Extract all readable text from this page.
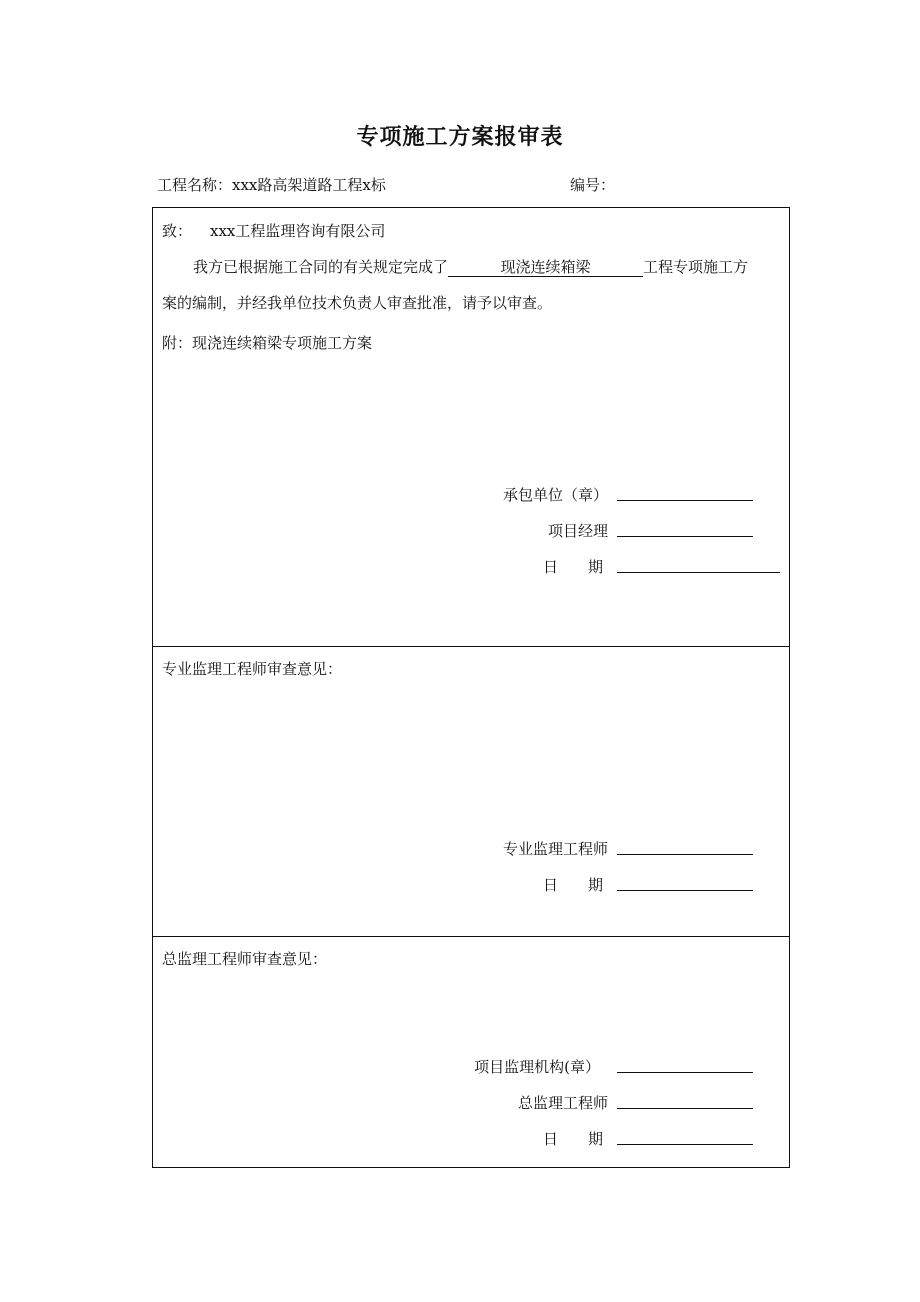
专项施工方案报审表
工程名称：xxx路高架道路工程x标	编号：
致： xxx工程监理咨询有限公司
我方已根据施工合同的有关规定完成了	现浇连续箱梁	工程专项施工方
案的编制，并经我单位技术负责人审查批准，请予以审查。
附：现浇连续箱梁专项施工方案
承包单位（章）
项目经理
日　　期
专业监理工程师审查意见：
专业监理工程师
日　　期
总监理工程师审查意见：
项目监理机构(章）
总监理工程师
日　　期
